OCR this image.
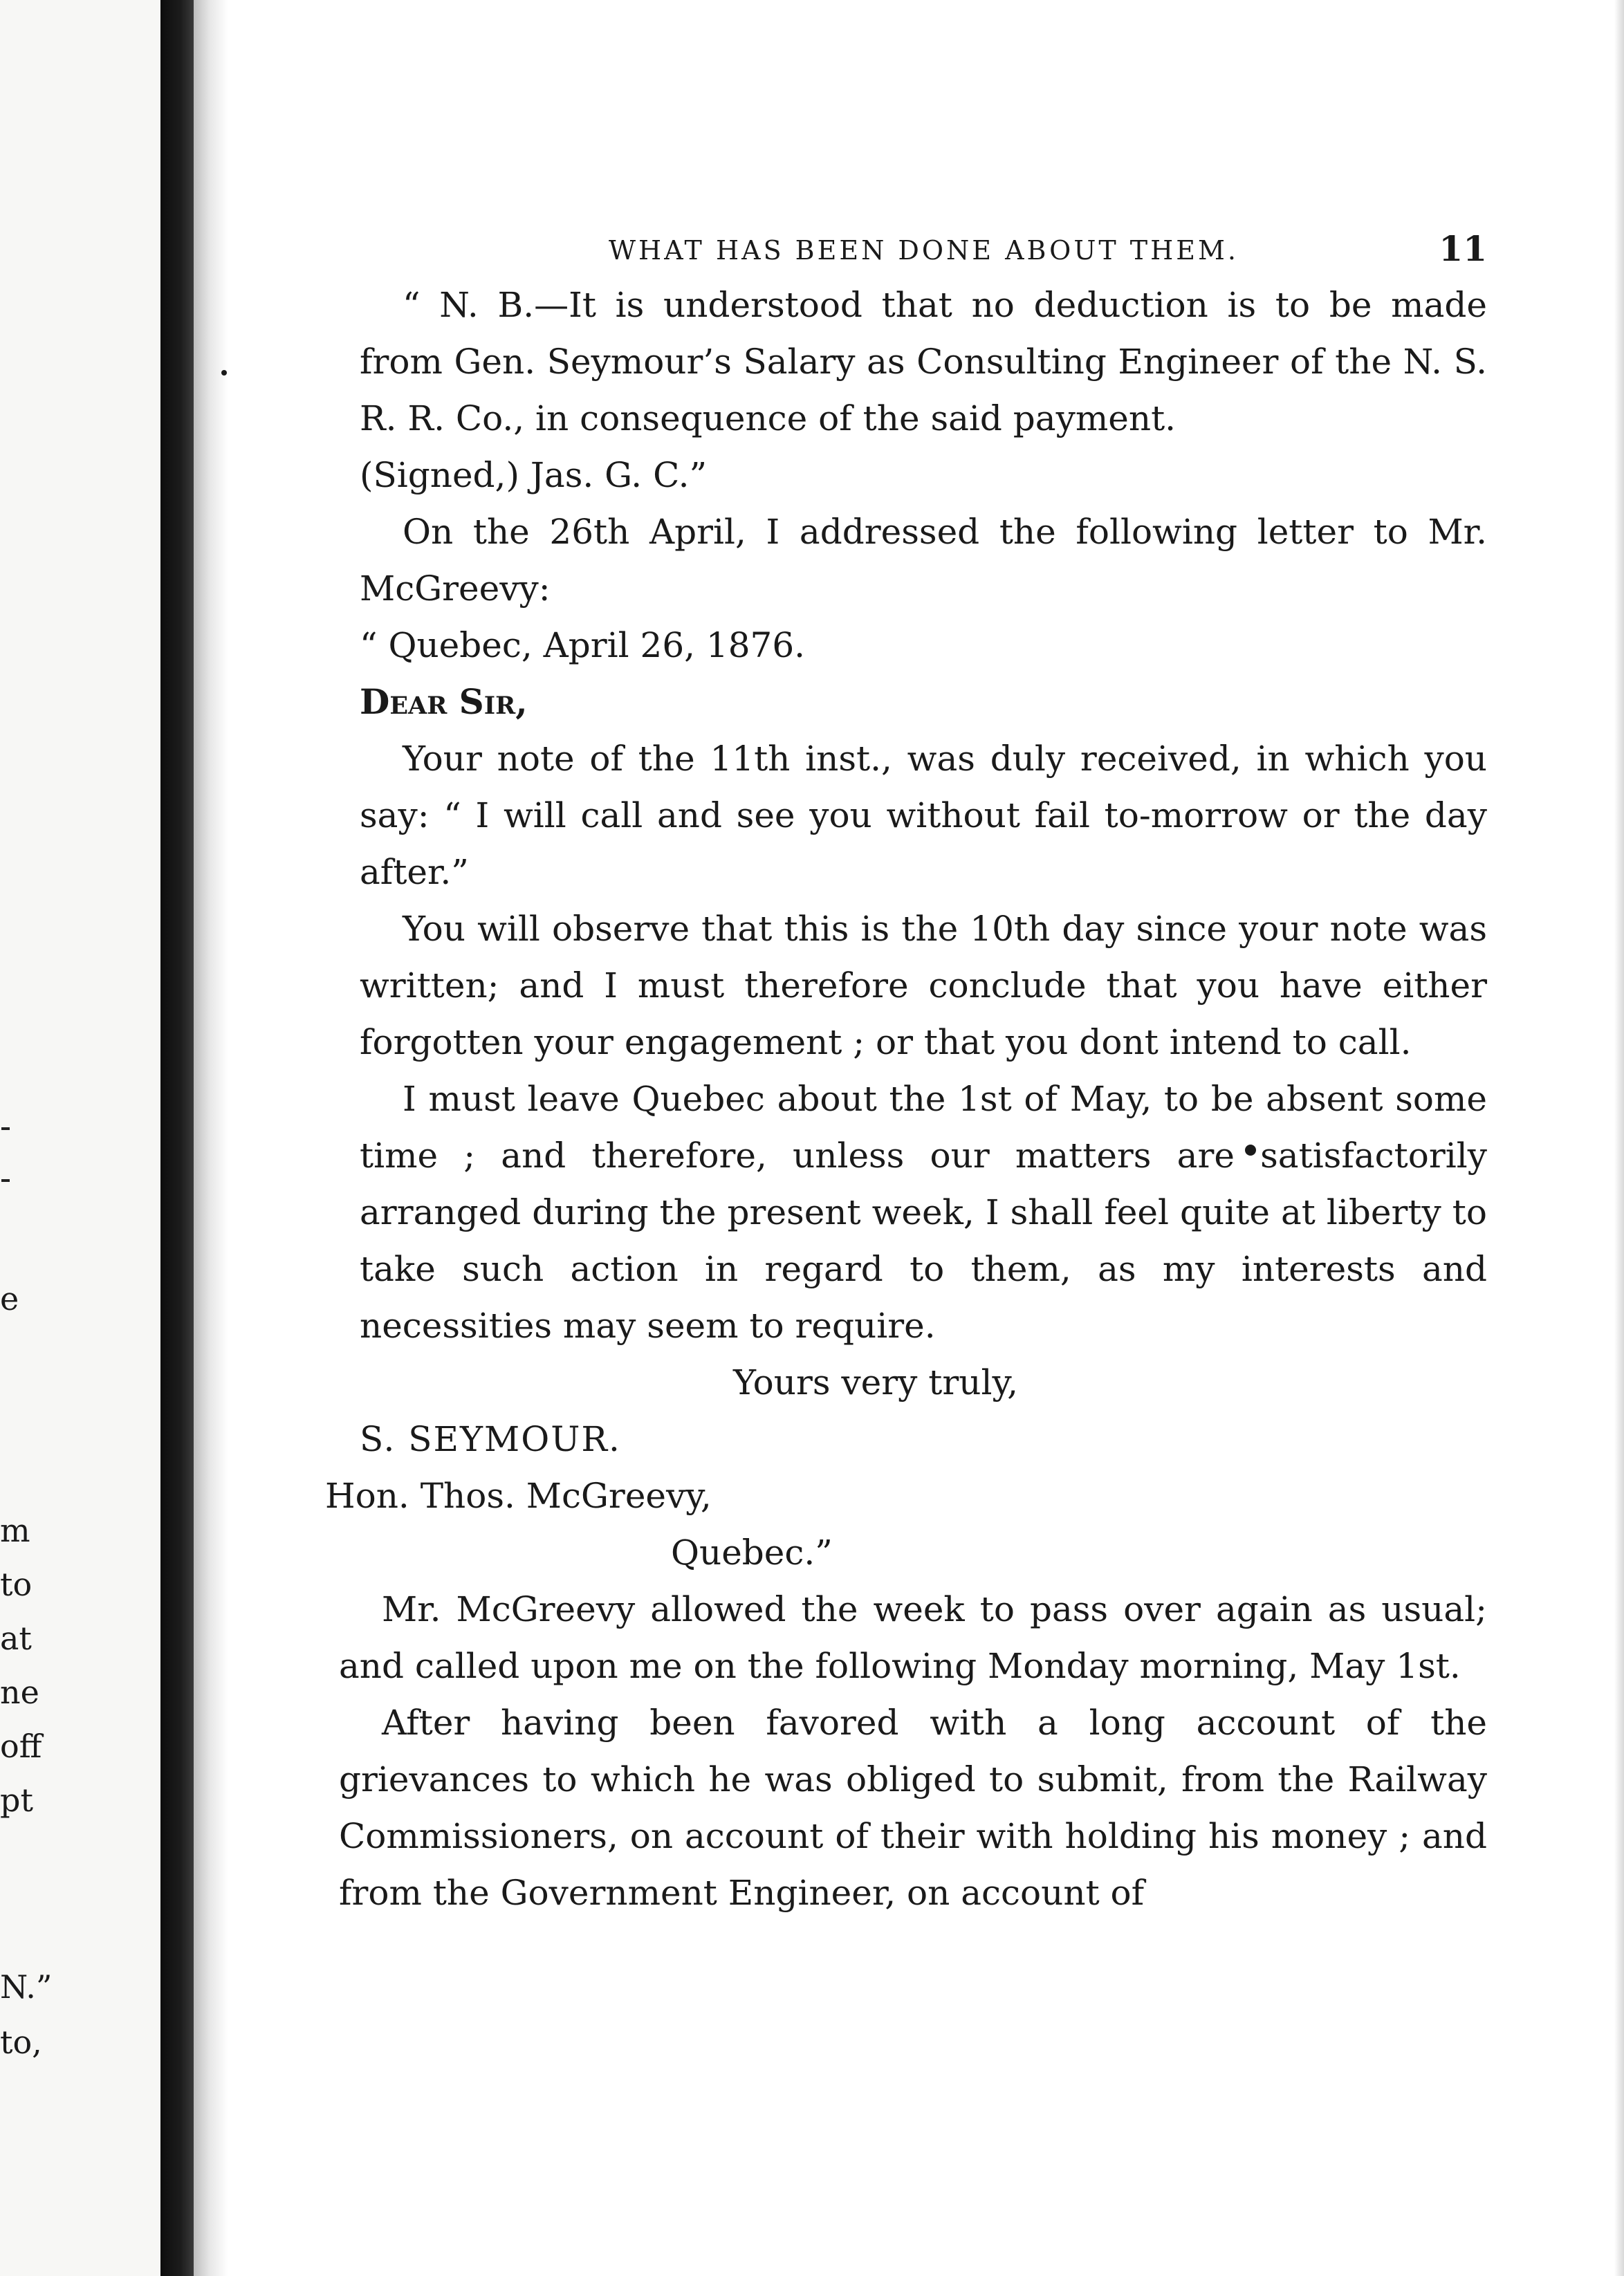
e
m
to
at
ne
off
pt
N.”
to,
WHAT HAS BEEN DONE ABOUT THEM.	11

“ N. B.—It is understood that no deduction is to be made from Gen. Seymour’s Salary as Consulting Engineer of the N. S. R. R. Co., in consequence of the said payment.

(Signed,) Jas. G. C.”

On the 26th April, I addressed the following letter to Mr. McGreevy:

“ Quebec, April 26, 1876.

Dear Sir,

Your note of the 11th inst., was duly received, in which you say: “ I will call and see you without fail to-morrow or the day after.”

You will observe that this is the 10th day since your note was written; and I must therefore conclude that you have either forgotten your engagement ; or that you dont intend to call.

I must leave Quebec about the 1st of May, to be absent some time ; and therefore, unless our matters are satisfactorily arranged during the present week, I shall feel quite at liberty to take such action in regard to them, as my interests and necessities may seem to require.

Yours very truly,

S. SEYMOUR.

Hon. Thos. McGreevy,

Quebec.”

Mr. McGreevy allowed the week to pass over again as usual; and called upon me on the following Monday morning, May 1st.

After having been favored with a long account of the grievances to which he was obliged to submit, from the Railway Commissioners, on account of their with holding his money ; and from the Government Engineer, on account of
